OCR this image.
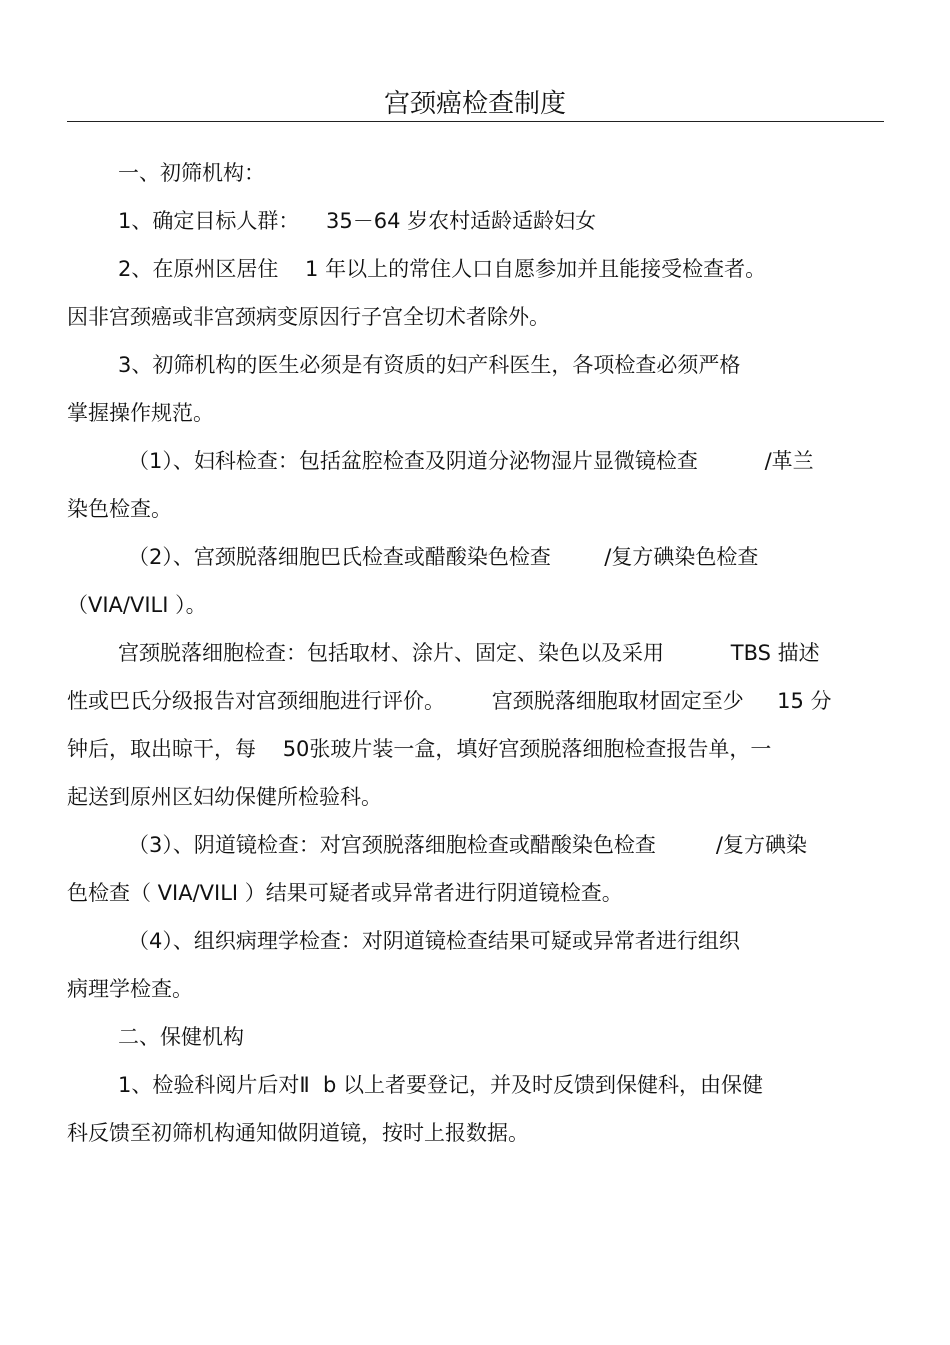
宫颈癌检查制度

一、初筛机构：

1、确定目标人群：    35－64 岁农村适龄适龄妇女

2、在原州区居住    1 年以上的常住人口自愿参加并且能接受检查者。

因非宫颈癌或非宫颈病变原因行子宫全切术者除外。

3、初筛机构的医生必须是有资质的妇产科医生，各项检查必须严格

掌握操作规范。

（1）、妇科检查：包括盆腔检查及阴道分泌物湿片显微镜检查          /革兰

染色检查。

（2）、宫颈脱落细胞巴氏检查或醋酸染色检查        /复方碘染色检查

（VIA/VILI ）。

宫颈脱落细胞检查：包括取材、涂片、固定、染色以及采用          TBS 描述

性或巴氏分级报告对宫颈细胞进行评价。       宫颈脱落细胞取材固定至少     15 分

钟后，取出晾干，每    50张玻片装一盒，填好宫颈脱落细胞检查报告单，一

起送到原州区妇幼保健所检验科。

（3）、阴道镜检查：对宫颈脱落细胞检查或醋酸染色检查         /复方碘染

色检查（ VIA/VILI ）结果可疑者或异常者进行阴道镜检查。

（4）、组织病理学检查：对阴道镜检查结果可疑或异常者进行组织

病理学检查。

二、保健机构

1、检验科阅片后对Ⅱ  b 以上者要登记，并及时反馈到保健科，由保健

科反馈至初筛机构通知做阴道镜，按时上报数据。
